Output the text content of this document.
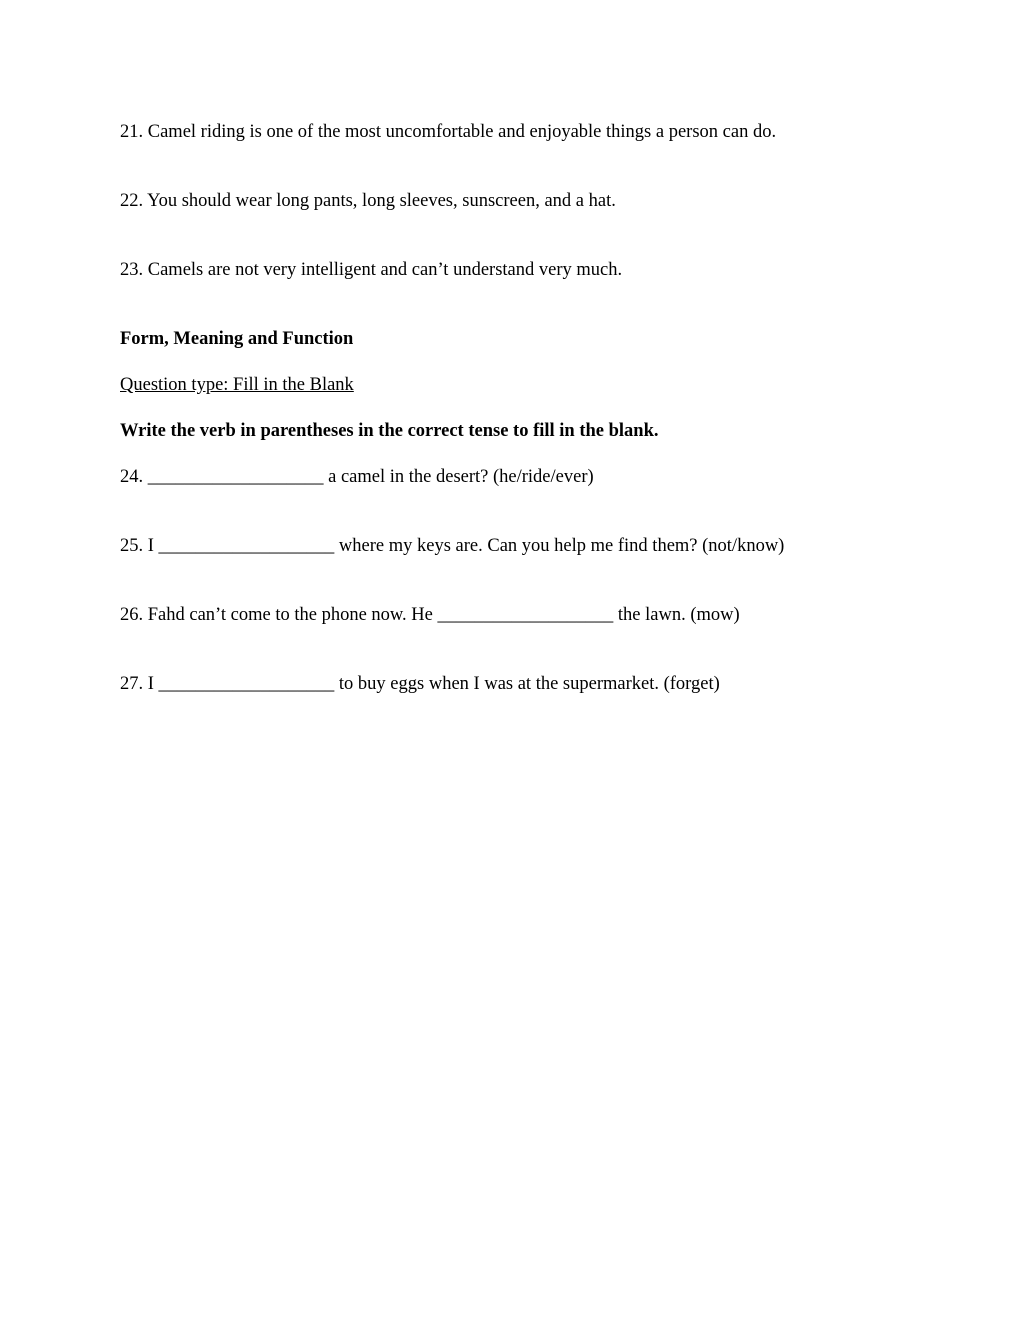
21. Camel riding is one of the most uncomfortable and enjoyable things a person can do.
22. You should wear long pants, long sleeves, sunscreen, and a hat.
23. Camels are not very intelligent and can’t understand very much.
Form, Meaning and Function
Question type: Fill in the Blank
Write the verb in parentheses in the correct tense to fill in the blank.
24. ___________________ a camel in the desert? (he/ride/ever)
25. I ___________________ where my keys are. Can you help me find them? (not/know)
26. Fahd can’t come to the phone now. He ___________________ the lawn. (mow)
27. I ___________________ to buy eggs when I was at the supermarket. (forget)
